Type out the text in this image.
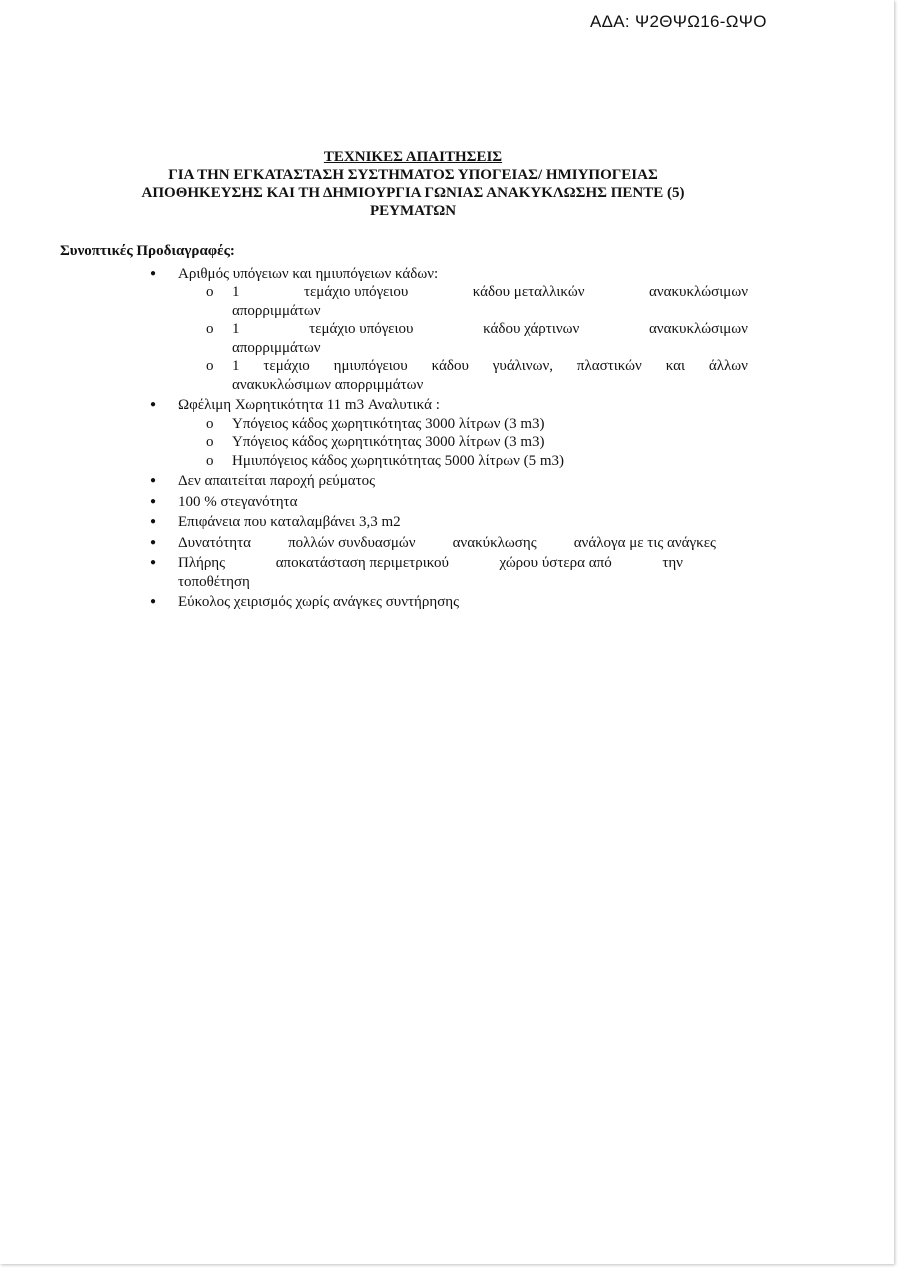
ΑΔΑ: Ψ2ΘΨΩ16-ΩΨΟ
ΤΕΧΝΙΚΕΣ ΑΠΑΙΤΗΣΕΙΣ
ΓΙΑ ΤΗΝ ΕΓΚΑΤΑΣΤΑΣΗ ΣΥΣΤΗΜΑΤΟΣ ΥΠΟΓΕΙΑΣ/ ΗΜΙΥΠΟΓΕΙΑΣ
ΑΠΟΘΗΚΕΥΣΗΣ ΚΑΙ ΤΗ ΔΗΜΙΟΥΡΓΙΑ ΓΩΝΙΑΣ ΑΝΑΚΥΚΛΩΣΗΣ ΠΕΝΤΕ (5)
ΡΕΥΜΑΤΩΝ
Συνοπτικές Προδιαγραφές:
● Αριθμός υπόγειων και ημιυπόγειων κάδων:
o 1	τεμάχιο υπόγειου	κάδου μεταλλικών	ανακυκλώσιμων
απορριμμάτων
o 1	τεμάχιο υπόγειου	κάδου χάρτινων	ανακυκλώσιμων
απορριμμάτων
o 1 τεμάχιο ημιυπόγειου κάδου γυάλινων, πλαστικών και άλλων
ανακυκλώσιμων απορριμμάτων
● Ωφέλιμη Χωρητικότητα 11 m3 Αναλυτικά :
o Υπόγειος κάδος χωρητικότητας 3000 λίτρων (3 m3)
o Υπόγειος κάδος χωρητικότητας 3000 λίτρων (3 m3)
o Ημιυπόγειος κάδος χωρητικότητας 5000 λίτρων (5 m3)
● Δεν απαιτείται παροχή ρεύματος
● 100 % στεγανότητα
● Επιφάνεια που καταλαμβάνει 3,3 m2
● Δυνατότητα πολλών συνδυασμών ανακύκλωσης ανάλογα με τις ανάγκες
● Πλήρης	αποκατάσταση περιμετρικού	χώρου ύστερα από	την
τοποθέτηση
● Εύκολος χειρισμός χωρίς ανάγκες συντήρησης
